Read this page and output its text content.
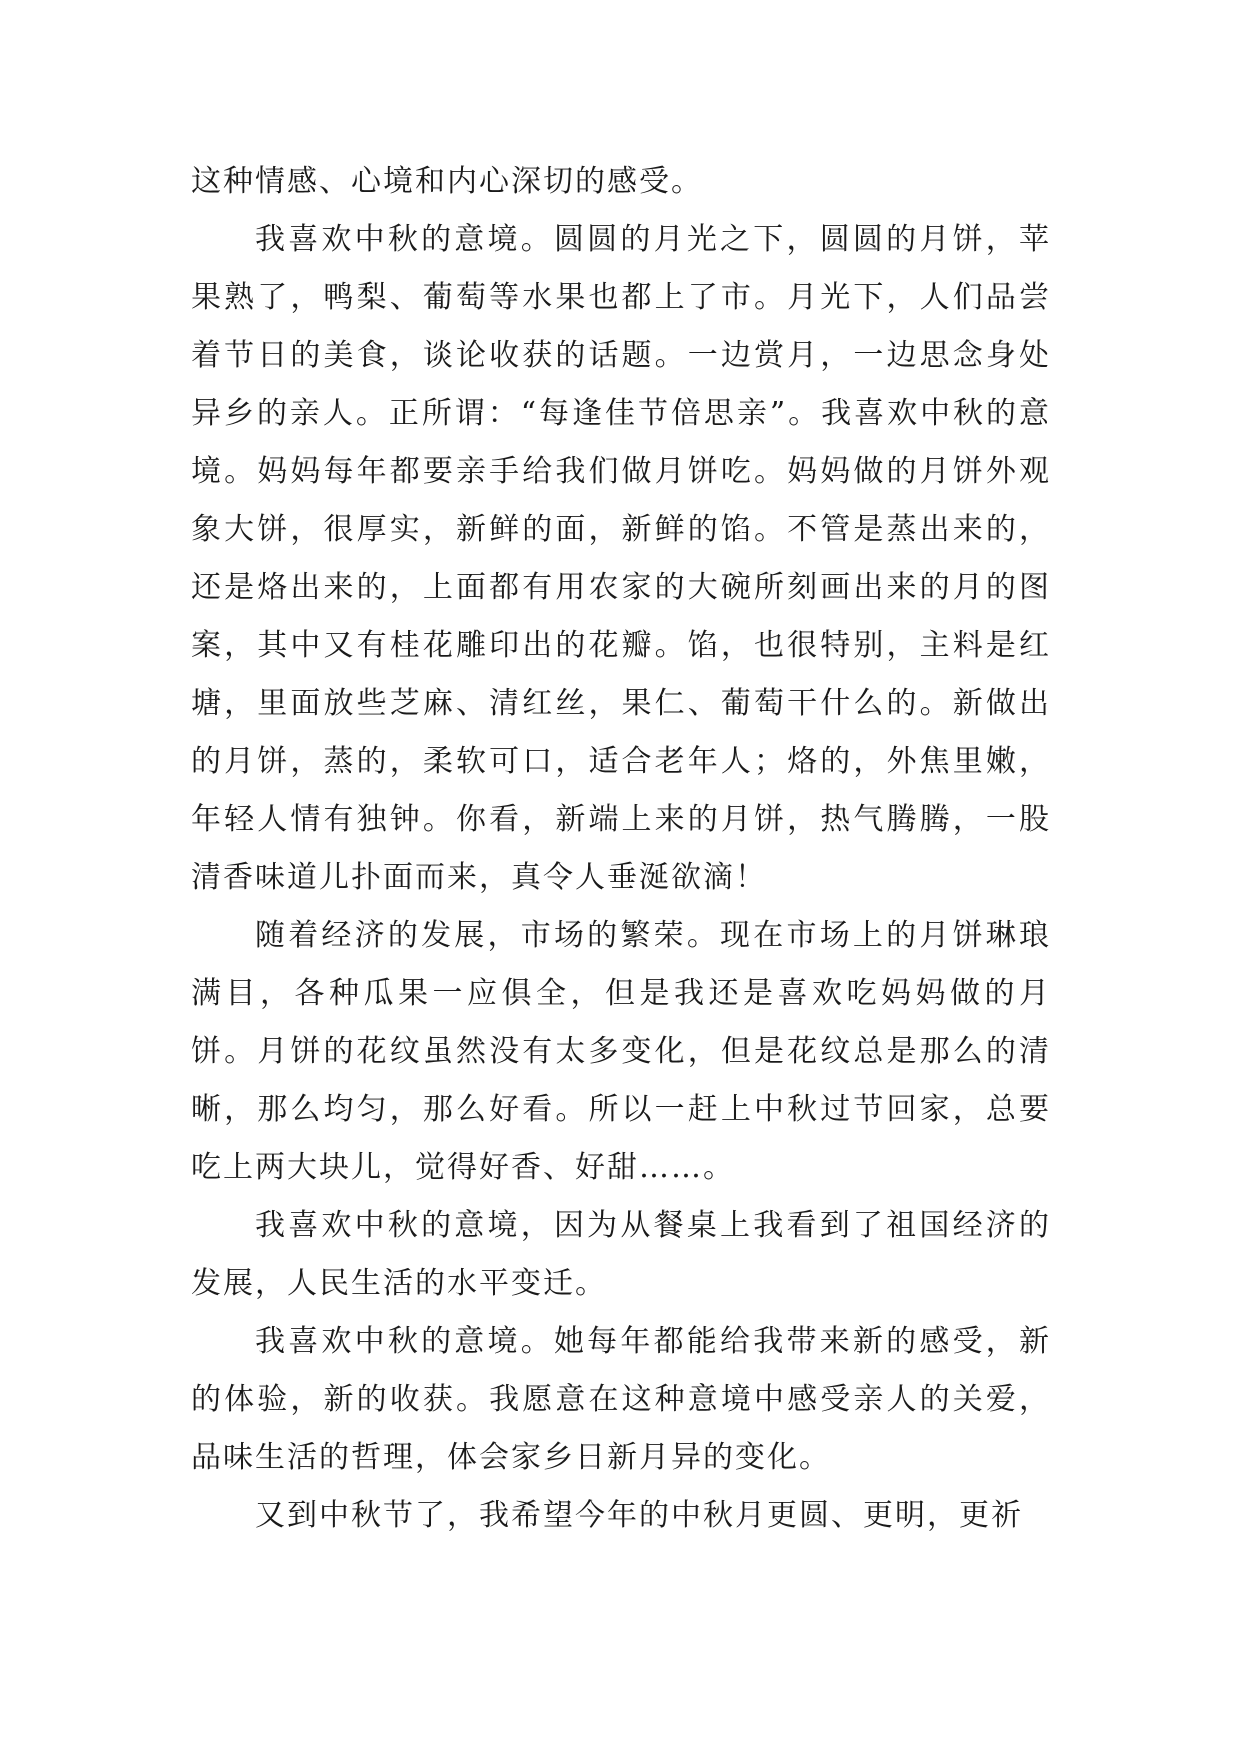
这种情感、心境和内心深切的感受。

我喜欢中秋的意境。圆圆的月光之下，圆圆的月饼，苹果熟了，鸭梨、葡萄等水果也都上了市。月光下，人们品尝着节日的美食，谈论收获的话题。一边赏月，一边思念身处异乡的亲人。正所谓：“每逢佳节倍思亲”。我喜欢中秋的意境。妈妈每年都要亲手给我们做月饼吃。妈妈做的月饼外观象大饼，很厚实，新鲜的面，新鲜的馅。不管是蒸出来的，还是烙出来的，上面都有用农家的大碗所刻画出来的月的图案，其中又有桂花雕印出的花瓣。馅，也很特别，主料是红塘，里面放些芝麻、清红丝，果仁、葡萄干什么的。新做出的月饼，蒸的，柔软可口，适合老年人；烙的，外焦里嫩，年轻人情有独钟。你看，新端上来的月饼，热气腾腾，一股清香味道儿扑面而来，真令人垂涎欲滴！

随着经济的发展，市场的繁荣。现在市场上的月饼琳琅满目，各种瓜果一应俱全，但是我还是喜欢吃妈妈做的月饼。月饼的花纹虽然没有太多变化，但是花纹总是那么的清晰，那么均匀，那么好看。所以一赶上中秋过节回家，总要吃上两大块儿，觉得好香、好甜……。

我喜欢中秋的意境，因为从餐桌上我看到了祖国经济的发展，人民生活的水平变迁。

我喜欢中秋的意境。她每年都能给我带来新的感受，新的体验，新的收获。我愿意在这种意境中感受亲人的关爱，品味生活的哲理，体会家乡日新月异的变化。

又到中秋节了，我希望今年的中秋月更圆、更明，更祈
